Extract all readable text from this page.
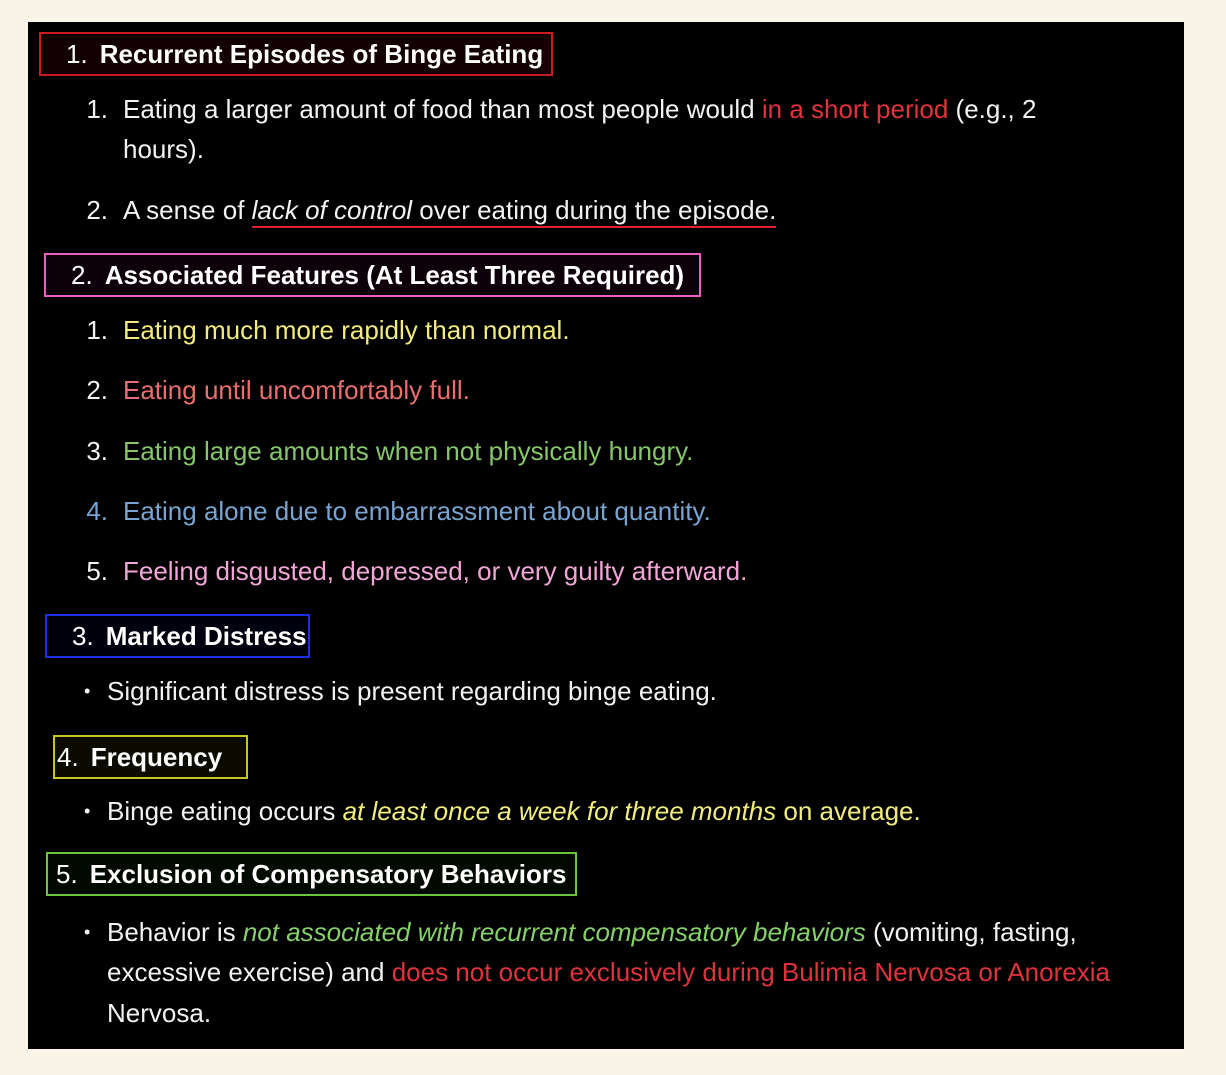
1. Recurrent Episodes of Binge Eating
1. Eating a larger amount of food than most people would in a short period (e.g., 2
hours).
2. A sense of lack of control over eating during the episode.
2. Associated Features (At Least Three Required)
1. Eating much more rapidly than normal.
2. Eating until uncomfortably full.
3. Eating large amounts when not physically hungry.
4. Eating alone due to embarrassment about quantity.
5. Feeling disgusted, depressed, or very guilty afterward.
3. Marked Distress
• Significant distress is present regarding binge eating.
4. Frequency
• Binge eating occurs at least once a week for three months on average.
5. Exclusion of Compensatory Behaviors
• Behavior is not associated with recurrent compensatory behaviors (vomiting, fasting,
excessive exercise) and does not occur exclusively during Bulimia Nervosa or Anorexia
Nervosa.
